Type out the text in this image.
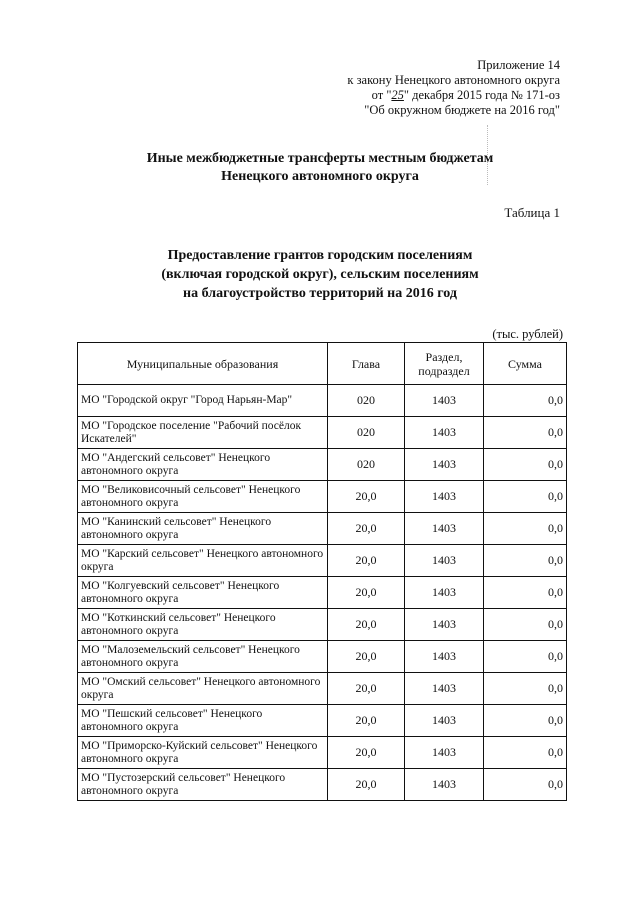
Приложение 14
к закону Ненецкого автономного округа
от "25" декабря 2015 года № 171-оз
"Об окружном бюджете на 2016 год"
Иные межбюджетные трансферты местным бюджетам
Ненецкого автономного округа
Таблица 1
Предоставление грантов городским поселениям
(включая городской округ), сельским поселениям
на благоустройство территорий на 2016 год
(тыс. рублей)
Муниципальные образования	Глава	Раздел, подраздел	Сумма
МО "Городской округ "Город Нарьян-Мар"	020	1403	0,0
МО "Городское поселение "Рабочий посёлок Искателей"	020	1403	0,0
МО "Андегский сельсовет" Ненецкого автономного округа	020	1403	0,0
МО "Великовисочный сельсовет" Ненецкого автономного округа	20,0	1403	0,0
МО "Канинский сельсовет" Ненецкого автономного округа	20,0	1403	0,0
МО "Карский сельсовет" Ненецкого автономного округа	20,0	1403	0,0
МО "Колгуевский сельсовет" Ненецкого автономного округа	20,0	1403	0,0
МО "Коткинский сельсовет" Ненецкого автономного округа	20,0	1403	0,0
МО "Малоземельский сельсовет" Ненецкого автономного округа	20,0	1403	0,0
МО "Омский сельсовет" Ненецкого автономного округа	20,0	1403	0,0
МО "Пешский сельсовет" Ненецкого автономного округа	20,0	1403	0,0
МО "Приморско-Куйский сельсовет" Ненецкого автономного округа	20,0	1403	0,0
МО "Пустозерский сельсовет" Ненецкого автономного округа	20,0	1403	0,0
